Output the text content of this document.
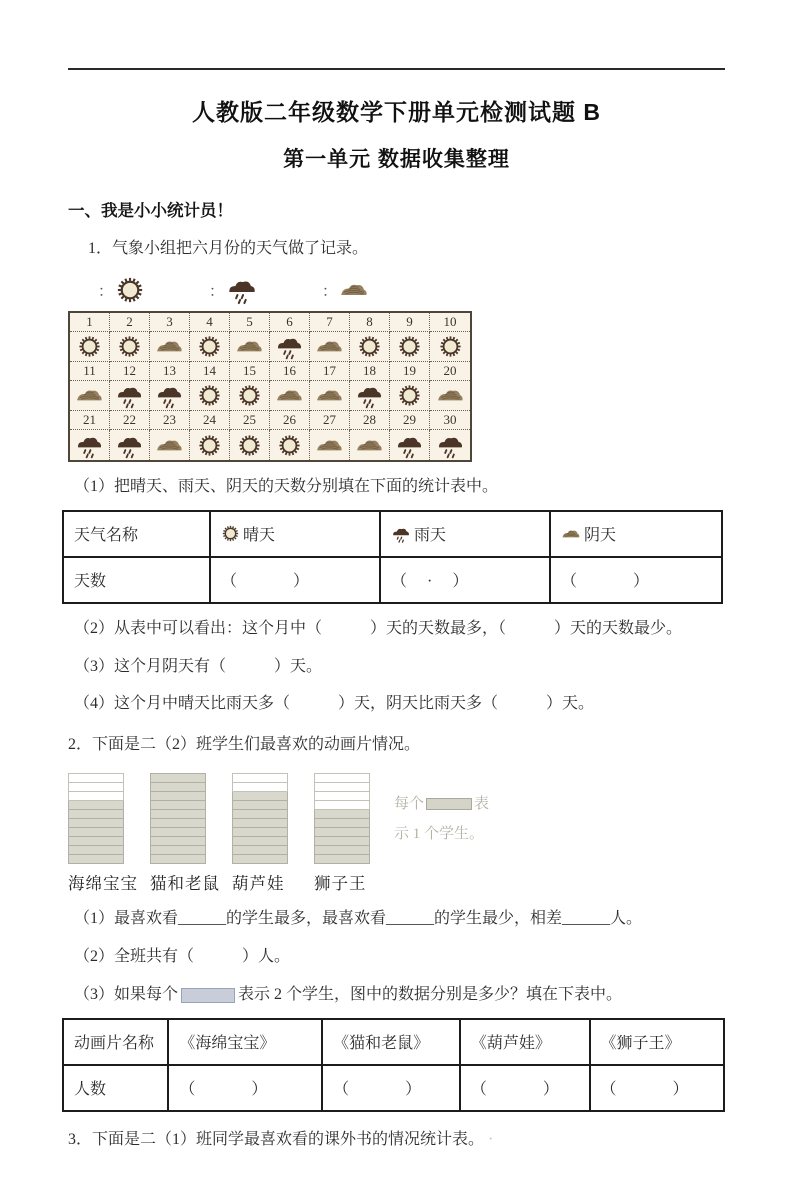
人教版二年级数学下册单元检测试题 B
第一单元 数据收集整理
一、我是小小统计员！
1．气象小组把六月份的天气做了记录。
：	：	：
1	2	3	4	5	6	7	8	9	10
11	12	13	14	15	16	17	18	19	20
21	22	23	24	25	26	27	28	29	30
（1）把晴天、雨天、阴天的天数分别填在下面的统计表中。
天气名称	晴天	雨天	阴天

天数	（　　　）	（　·　）	（　　　）
（2）从表中可以看出：这个月中（　　　）天的天数最多，（　　　）天的天数最少。
（3）这个月阴天有（　　　）天。
（4）这个月中晴天比雨天多（　　　）天，阴天比雨天多（　　　）天。
2．下面是二（2）班学生们最喜欢的动画片情况。
每个	表
示 1 个学生。
海绵宝宝 猫和老鼠 葫芦娃	狮子王
（1）最喜欢看______的学生最多，最喜欢看______的学生最少，相差______人。
（2）全班共有（　　　）人。
（3）如果每个	表示 2 个学生，图中的数据分别是多少？填在下表中。
动画片名称	《海绵宝宝》	《猫和老鼠》	《葫芦娃》	《狮子王》
人数	（　　　）	（　　　）	（　　　）	（　　　）
3．下面是二（1）班同学最喜欢看的课外书的情况统计表。 ·
